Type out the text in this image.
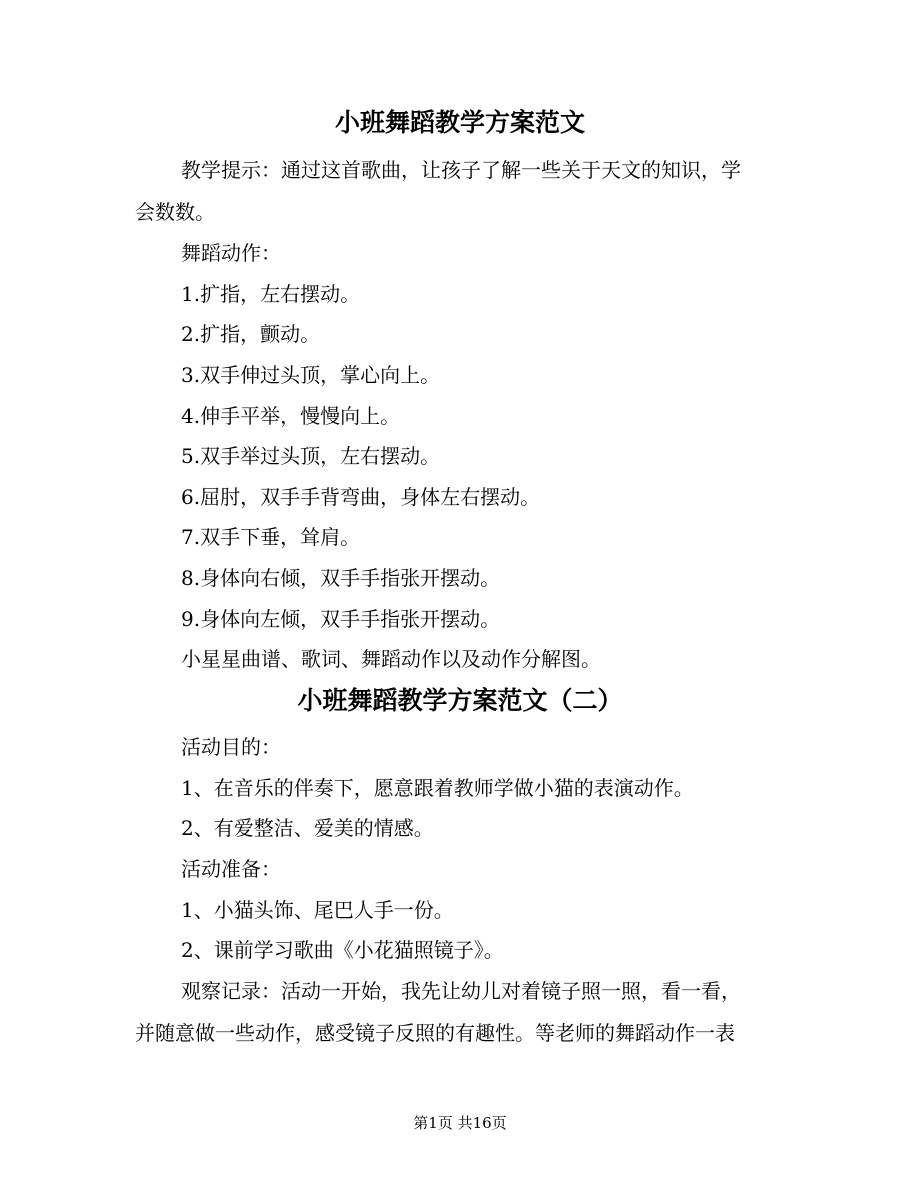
小班舞蹈教学方案范文

教学提示：通过这首歌曲，让孩子了解一些关于天文的知识，学

会数数。

舞蹈动作：

1.扩指，左右摆动。

2.扩指，颤动。

3.双手伸过头顶，掌心向上。

4.伸手平举，慢慢向上。

5.双手举过头顶，左右摆动。

6.屈肘，双手手背弯曲，身体左右摆动。

7.双手下垂，耸肩。

8.身体向右倾，双手手指张开摆动。

9.身体向左倾，双手手指张开摆动。

小星星曲谱、歌词、舞蹈动作以及动作分解图。

小班舞蹈教学方案范文（二）

活动目的：

1、在音乐的伴奏下，愿意跟着教师学做小猫的表演动作。

2、有爱整洁、爱美的情感。

活动准备：

1、小猫头饰、尾巴人手一份。

2、课前学习歌曲《小花猫照镜子》。

观察记录：活动一开始，我先让幼儿对着镜子照一照，看一看，

并随意做一些动作，感受镜子反照的有趣性。等老师的舞蹈动作一表

第1页 共16页
